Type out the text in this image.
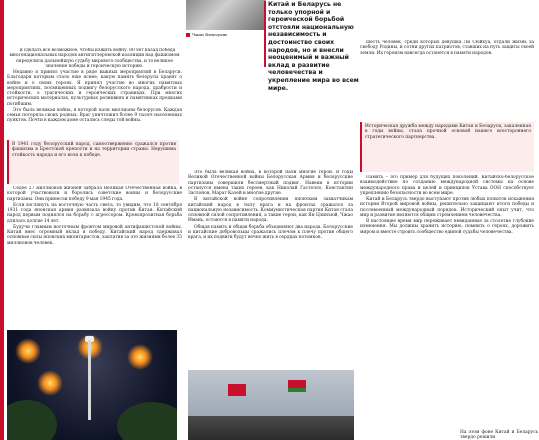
и сделать все возможное, чтобы изжить войну. 80 лет назад победа многонациональных народов антигитлеровской коалиции над фашизмом определила дальнейшую судьбу мирового сообщества, и то великое значение победы и героическую историю.

Недавно я принял участие в ряде важных мероприятий в Беларуси. Благодаря которым стало еще яснее, какую память белорусы хранят о войне и о своих героях. Я принял участие во многих памятных мероприятиях, посвященных подвигу белорусского народа, храбрости и стойкости, о трагических и героических страницах. При многих исторических материалах, культурных реликвиях и памятниках предками погибшим.

Это была великая война, в которой пали миллионы белорусов. Каждая семья потеряла своих родных. Враг уничтожил более 9 тысяч населенных пунктов. Почти в каждом доме остались следы той войны.

В 1941 году белорусский народ, самоотверженно сражался против фашизма в Брестской крепости и на территории страны. Нерушима стойкость народа и его воля к победе.

Седое 27 миллионов жизней забрала Великая Отечественная война, в которой участвовали и боролись советские воины и белорусские партизаны. Они принесли победу 9 мая 1945 года.

Если взглянуть на восточную часть света, то увидим, что 18 сентября 1931 года японская армия развязала войну против Китая. Китайский народ первым поднялся на борьбу с агрессором. Кровопролитная борьба длилась долгие 14 лет.

Будучи главным восточным фронтом мировой антифашистской войны, Китай внес огромный вклад в победу. Китайский народ сдерживал основные силы японских милитаристов, заплатив за это жизнями более 35 миллионов человек.

Чжан Вэньчуань
Китай и Беларусь не только упорной и героической борьбой отстояли национальную независимость и достоинство своих народов, но и внесли неоценимый и важный вклад в развитие человечества и укрепление мира во всем мире.

Это была великая война, в которой пали многие герои. В годы Великой Отечественной войны Белорусская Армия и белорусские партизаны совершили бессмертный подвиг. Навеки в истории останутся имена таких героев, как Николай Гастелло, Константин Заслонов, Марат Казей и многие другие.

В китайской войне сопротивления японским захватчикам китайский народ в тылу врага и на фронтах сражался за национальную независимость. Коммунистическая партия Китая стала основной силой сопротивления, а такие герои, как Ян Цзинъюй, Чжао Имань, остаются в памяти народа.

Общая память и общая борьба объединяют два народа. Белорусские и китайские добровольцы сражались плечом к плечу против общего врага, и их подвиги будут вечно жить в сердцах потомков.

шесть человек, среди которых девушка Ли Сюйхуа, отдали жизнь за свободу Родины, и сотни других патриотов, ставших на путь защиты своей земли. Их героизм навсегда останется в памяти народов.

Историческая дружба между народами Китая и Беларуси, закаленная в годы войны, стала прочной основой нашего всестороннего стратегического партнерства.

Память – это пример для будущих поколений. Китайско-белорусское взаимодействие по созданию международной системы на основе международного права и целей и принципов Устава ООН способствует укреплению безопасности во всем мире.

Китай и Беларусь твердо выступают против любых попыток искажения истории Второй мировой войны, решительно защищают итоги победы и послевоенный международный порядок. Исторический опыт учит, что мир и развитие являются общим стремлением человечества.

В настоящее время мир переживает невиданные за столетие глубокие изменения. Мы должны хранить историю, помнить о героях, дорожить миром и вместе строить сообщество единой судьбы человечества.

На этом фоне Китай и Беларусь твердо решили
